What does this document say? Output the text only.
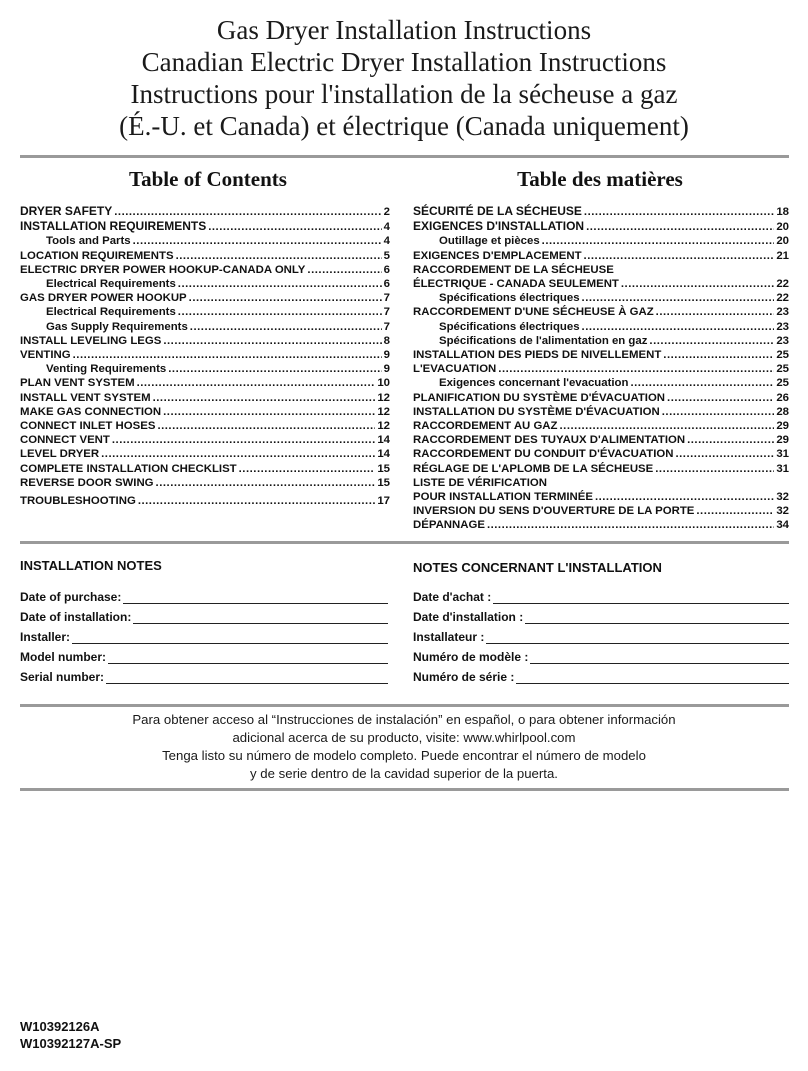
Gas Dryer Installation Instructions
Canadian Electric Dryer Installation Instructions
Instructions pour l'installation de la sécheuse a gaz
(É.-U. et Canada) et électrique (Canada uniquement)
Table of Contents	Table des matières
DRYER SAFETY .....	2
INSTALLATION REQUIREMENTS .....	4
Tools and Parts .....	4
LOCATION REQUIREMENTS .....	5
ELECTRIC DRYER POWER HOOKUP-CANADA ONLY .....	6
Electrical Requirements .....	6
GAS DRYER POWER HOOKUP .....	7
Electrical Requirements .....	7
Gas Supply Requirements .....	7
INSTALL LEVELING LEGS .....	8
VENTING .....	9
Venting Requirements .....	9
PLAN VENT SYSTEM .....	10
INSTALL VENT SYSTEM .....	12
MAKE GAS CONNECTION .....	12
CONNECT INLET HOSES .....	12
CONNECT VENT .....	14
LEVEL DRYER .....	14
COMPLETE INSTALLATION CHECKLIST .....	15
REVERSE DOOR SWING .....	15
TROUBLESHOOTING .....	17
SÉCURITÉ DE LA SÉCHEUSE .....	18
EXIGENCES D'INSTALLATION .....	20
Outillage et pièces .....	20
EXIGENCES D'EMPLACEMENT .....	21
RACCORDEMENT DE LA SÉCHEUSE
ÉLECTRIQUE - CANADA SEULEMENT .....	22
Spécifications électriques .....	22
RACCORDEMENT D'UNE SÉCHEUSE À GAZ .....	23
Spécifications électriques .....	23
Spécifications de l'alimentation en gaz .....	23
INSTALLATION DES PIEDS DE NIVELLEMENT .....	25
L'EVACUATION .....	25
Exigences concernant l'evacuation .....	25
PLANIFICATION DU SYSTÈME D'ÉVACUATION .....	26
INSTALLATION DU SYSTÈME D'ÉVACUATION .....	28
RACCORDEMENT AU GAZ .....	29
RACCORDEMENT DES TUYAUX D'ALIMENTATION .....	29
RACCORDEMENT DU CONDUIT D'ÉVACUATION .....	31
RÉGLAGE DE L'APLOMB DE LA SÉCHEUSE .....	31
LISTE DE VÉRIFICATION
POUR INSTALLATION TERMINÉE .....	32
INVERSION DU SENS D'OUVERTURE DE LA PORTE .....	32
DÉPANNAGE .....	34
INSTALLATION NOTES	NOTES CONCERNANT L'INSTALLATION
Date of purchase:
Date of installation:
Installer:
Model number:
Serial number:
Date d'achat :
Date d'installation :
Installateur :
Numéro de modèle :
Numéro de série :
Para obtener acceso al “Instrucciones de instalación” en español, o para obtener información
adicional acerca de su producto, visite: www.whirlpool.com
Tenga listo su número de modelo completo. Puede encontrar el número de modelo
y de serie dentro de la cavidad superior de la puerta.
W10392126A
W10392127A-SP
